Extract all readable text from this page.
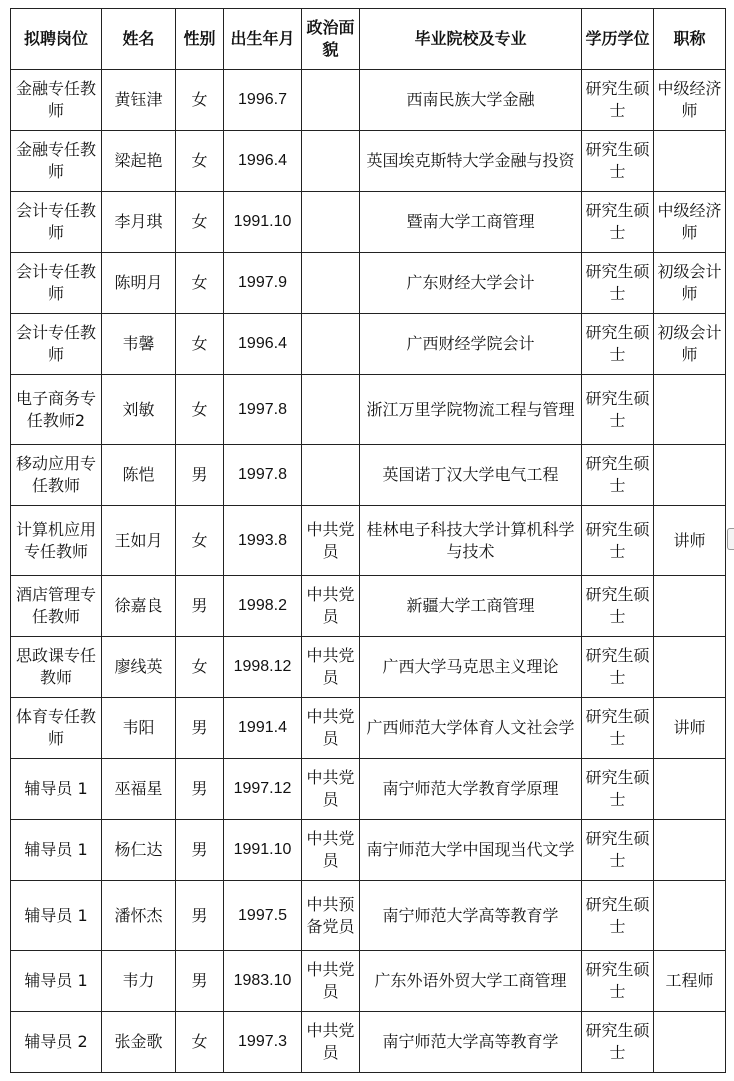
拟聘岗位	姓名	性别	出生年月	政治面貌	毕业院校及专业	学历学位	职称
金融专任教师	黄钰津	女	1996.7		西南民族大学金融	研究生硕士	中级经济师
金融专任教师	梁起艳	女	1996.4		英国埃克斯特大学金融与投资	研究生硕士	
会计专任教师	李月琪	女	1991.10		暨南大学工商管理	研究生硕士	中级经济师
会计专任教师	陈明月	女	1997.9		广东财经大学会计	研究生硕士	初级会计师
会计专任教师	韦馨	女	1996.4		广西财经学院会计	研究生硕士	初级会计师
电子商务专任教师2	刘敏	女	1997.8		浙江万里学院物流工程与管理	研究生硕士	
移动应用专任教师	陈恺	男	1997.8		英国诺丁汉大学电气工程	研究生硕士	
计算机应用专任教师	王如月	女	1993.8	中共党员	桂林电子科技大学计算机科学与技术	研究生硕士	讲师
酒店管理专任教师	徐嘉良	男	1998.2	中共党员	新疆大学工商管理	研究生硕士	
思政课专任教师	廖线英	女	1998.12	中共党员	广西大学马克思主义理论	研究生硕士	
体育专任教师	韦阳	男	1991.4	中共党员	广西师范大学体育人文社会学	研究生硕士	讲师
辅导员 1	巫福星	男	1997.12	中共党员	南宁师范大学教育学原理	研究生硕士	
辅导员 1	杨仁达	男	1991.10	中共党员	南宁师范大学中国现当代文学	研究生硕士	
辅导员 1	潘怀杰	男	1997.5	中共预备党员	南宁师范大学高等教育学	研究生硕士	
辅导员 1	韦力	男	1983.10	中共党员	广东外语外贸大学工商管理	研究生硕士	工程师
辅导员 2	张金歌	女	1997.3	中共党员	南宁师范大学高等教育学	研究生硕士	
